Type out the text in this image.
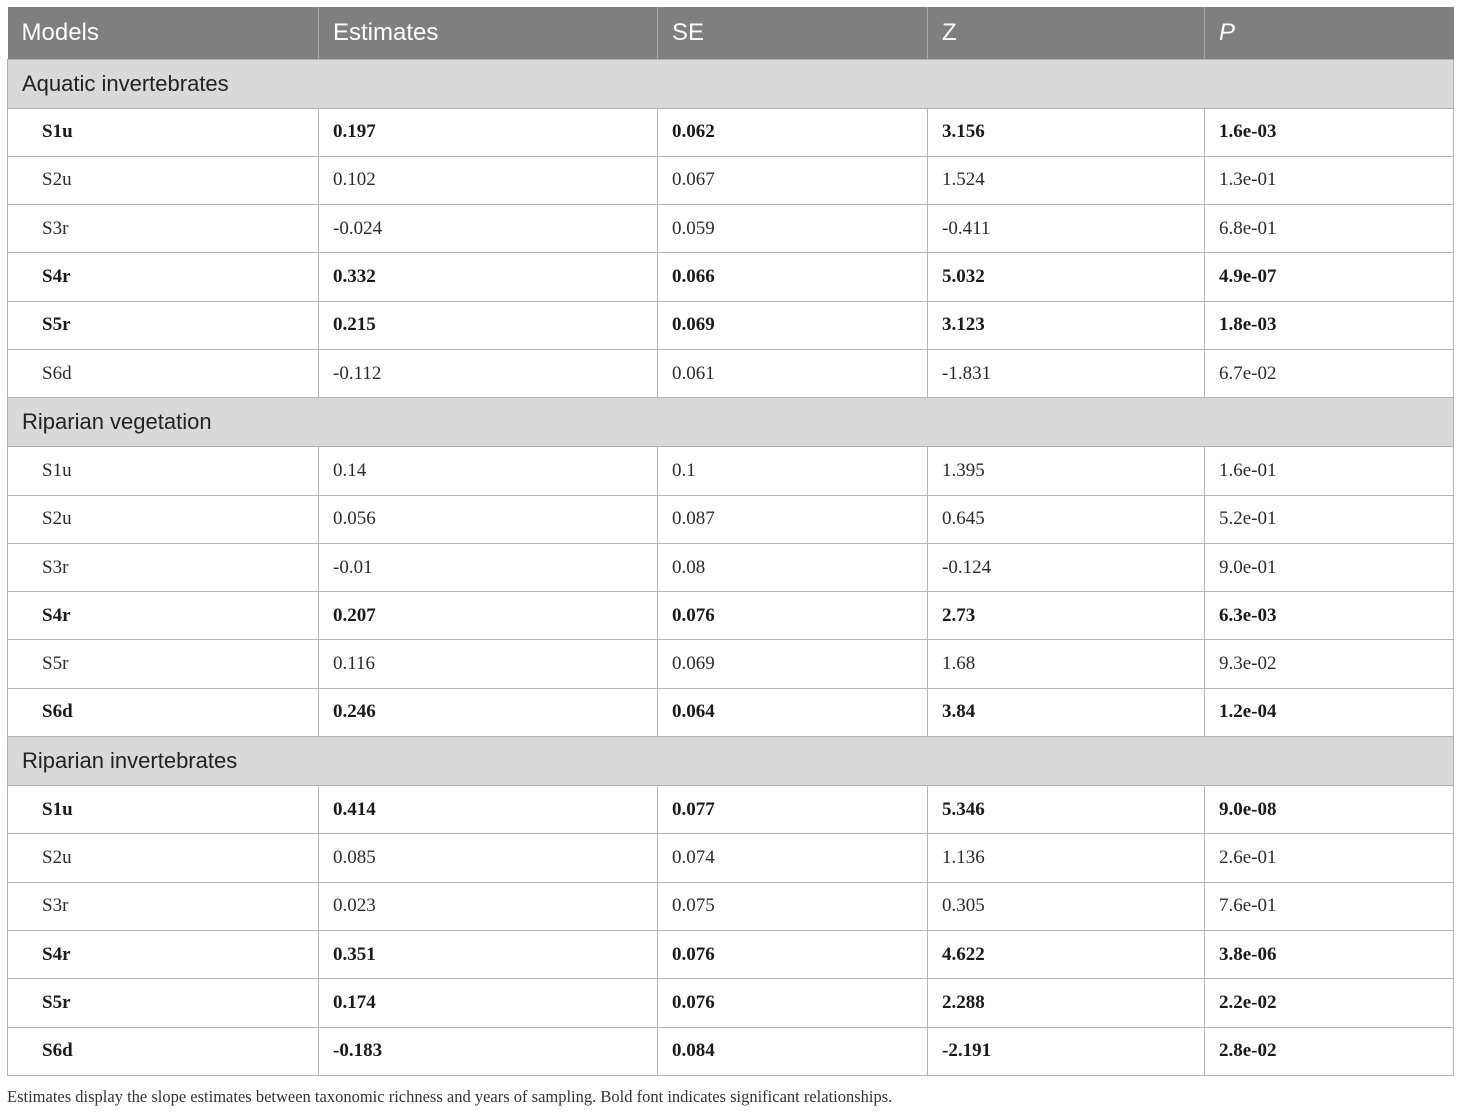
Models	Estimates	SE	Z	P
Aquatic invertebrates				
S1u	0.197	0.062	3.156	1.6e-03
S2u	0.102	0.067	1.524	1.3e-01
S3r	-0.024	0.059	-0.411	6.8e-01
S4r	0.332	0.066	5.032	4.9e-07
S5r	0.215	0.069	3.123	1.8e-03
S6d	-0.112	0.061	-1.831	6.7e-02
Riparian vegetation				
S1u	0.14	0.1	1.395	1.6e-01
S2u	0.056	0.087	0.645	5.2e-01
S3r	-0.01	0.08	-0.124	9.0e-01
S4r	0.207	0.076	2.73	6.3e-03
S5r	0.116	0.069	1.68	9.3e-02
S6d	0.246	0.064	3.84	1.2e-04
Riparian invertebrates				
S1u	0.414	0.077	5.346	9.0e-08
S2u	0.085	0.074	1.136	2.6e-01
S3r	0.023	0.075	0.305	7.6e-01
S4r	0.351	0.076	4.622	3.8e-06
S5r	0.174	0.076	2.288	2.2e-02
S6d	-0.183	0.084	-2.191	2.8e-02
Estimates display the slope estimates between taxonomic richness and years of sampling. Bold font indicates significant relationships.
